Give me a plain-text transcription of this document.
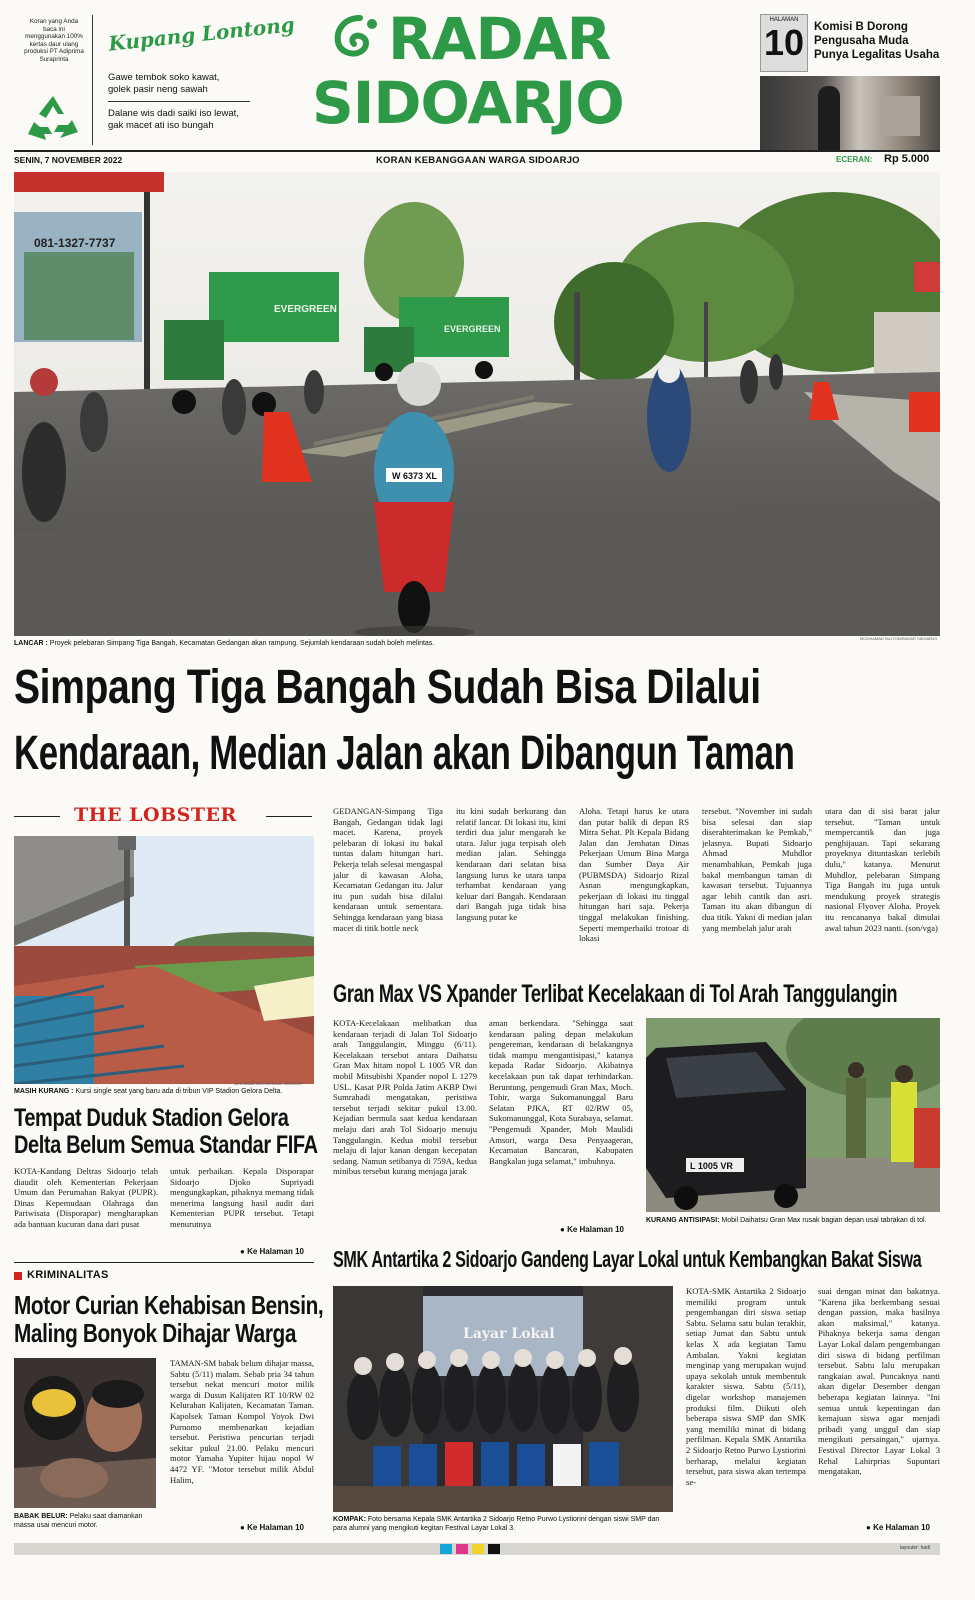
Koran yang Anda baca ini menggunakan 100% kertas daur ulang produksi PT Adiprima Suraprinta
Kupang Lontong
Gawe tembok soko kawat,
golek pasir neng sawah
Dalane wis dadi saiki iso lewat,
gak macet ati iso bungah
RADAR
SIDOARJO
HALAMAN
10 Komisi B Dorong Pengusaha Muda Punya Legalitas Usaha
SENIN, 7 NOVEMBER 2022	KORAN KEBANGGAAN WARGA SIDOARJO	ECERAN: Rp 5.000
081-1327-7737
EVERGREEN
EVERGREEN
W 6373 XL
LANCAR : Proyek pelebaran Simpang Tiga Bangah, Kecamatan Gedangan akan rampung. Sejumlah kendaraan sudah boleh melintas.
MOCHAMAD SULTON/RADAR SIDOARJO
Simpang Tiga Bangah Sudah Bisa Dilalui
Kendaraan, Median Jalan akan Dibangun Taman
THE LOBSTER
MASIH KURANG : Kursi single seat yang baru ada di tribun VIP Stadion Gelora Delta.
MOCHAMAD SULTON/RADAR SIDOARJO
Tempat Duduk Stadion Gelora
Delta Belum Semua Standar FIFA
KOTA-Kandang Deltras Sidoarjo telah diaudit oleh Kementerian Pekerjaan Umum dan Perumahan Rakyat (PUPR). Dinas Kepemudaan Olahraga dan Pariwisata (Disporapar) mengharapkan ada bantuan kucuran dana dari pusat
untuk perbaikan. Kepala Disporapar Sidoarjo Djoko Supriyadi mengungkapkan, pihaknya memang tidak menerima langsung hasil audit dari Kementerian PUPR tersebut. Tetapi menurutnya
● Ke Halaman 10
KRIMINALITAS
Motor Curian Kehabisan Bensin,
Maling Bonyok Dihajar Warga
BABAK BELUR: Pelaku saat diamankan massa usai mencuri motor.
TAMAN-SM babak belum dihajar massa, Sabtu (5/11) malam. Sebab pria 34 tahun tersebut nekat mencuri motor milik warga di Dusun Kalijaten RT 10/RW 02 Kelurahan Kalijaten, Kecamatan Taman. Kapolsek Taman Kompol Yoyok Dwi Purnomo membenarkan kejadian tersebut. Peristiwa pencurian terjadi sekitar pukul 21.00. Pelaku mencuri motor Yamaha Yupiter hijau nopol W 4472 YF. "Motor tersebut milik Abdul Halim,
● Ke Halaman 10
GEDANGAN-Simpang Tiga Bangah, Gedangan tidak lagi macet. Karena, proyek pelebaran di lokasi itu bakal tuntas dalam hitungan hari. Pekerja telah selesai mengaspal jalur di kawasan Aloha, Kecamatan Gedangan itu. Jalur itu pun sudah bisa dilalui kendaraan untuk sementara. Sehingga kendaraan yang biasa macet di titik bottle neck
itu kini sudah berkurang dan relatif lancar. Di lokasi itu, kini terdiri dua jalur mengarah ke utara. Jalur juga terpisah oleh median jalan. Sehingga kendaraan dari selatan bisa langsung lurus ke utara tanpa terhambat kendaraan yang keluar dari Bangah. Kendaraan dari Bangah juga tidak bisa langsung putar ke
Aloha. Tetapi harus ke utara dan putar balik di depan RS Mitra Sehat. Plt Kepala Bidang Jalan dan Jembatan Dinas Pekerjaan Umum Bina Marga dan Sumber Daya Air (PUBMSDA) Sidoarjo Rizal Asnan mengungkapkan, pekerjaan di lokasi itu tinggal hitungan hari saja. Pekerja tinggal melakukan finishing. Seperti memperbaiki trotoar di lokasi
tersebut. "November ini sudah bisa selesai dan siap diserahterimakan ke Pemkab," jelasnya. Bupati Sidoarjo Ahmad Muhdlor menambahkan, Pemkab juga bakal membangun taman di kawasan tersebut. Tujuannya agar lebih cantik dan asri. Taman itu akan dibangun di dua titik. Yakni di median jalan yang membelah jalur arah
utara dan di sisi barat jalur tersebut. "Taman untuk mempercantik dan juga penghijauan. Tapi sekarang proyeknya dituntaskan terlebih dulu," katanya. Menurut Muhdlor, pelebaran Simpang Tiga Bangah itu juga untuk mendukung proyek strategis nasional Flyover Aloha. Proyek itu rencananya bakal dimulai awal tahun 2023 nanti. (son/vga)
Gran Max VS Xpander Terlibat Kecelakaan di Tol Arah Tanggulangin
KOTA-Kecelakaan melibatkan dua kendaraan terjadi di Jalan Tol Sidoarjo arah Tanggulangin, Minggu (6/11). Kecelakaan tersebut antara Daihatsu Gran Max hitam nopol L 1005 VR dan mobil Mitsubishi Xpander nopol L 1279 USL. Kasat PJR Polda Jatim AKBP Dwi Sumrahadi mengatakan, peristiwa tersebut terjadi sekitar pukul 13.00. Kejadian bermula saat kedua kendaraan melaju dari arah Tol Sidoarjo menuju Tanggulangin. Kedua mobil tersebut melaju di lajur kanan dengan kecepatan sedang. Namun setibanya di 759A, kedua minibus tersebut kurang menjaga jarak
aman berkendara. "Sehingga saat kendaraan paling depan melakukan pengereman, kendaraan di belakangnya tidak mampu mengantisipasi," katanya kepada Radar Sidoarjo. Akibatnya kecelakaan pun tak dapat terhindarkan. Beruntung, pengemudi Gran Max, Moch. Tohir, warga Sukomanunggal Baru Selatan PJKA, RT 02/RW 05, Sukomanunggal, Kota Surabaya, selamat. "Pengemudi Xpander, Moh Maulidi Amsori, warga Desa Penyaageran, Kecamatan Bancaran, Kabupaten Bangkalan juga selamat," imbuhnya.
● Ke Halaman 10
L 1005 VR
KURANG ANTISIPASI: Mobil Daihatsu Gran Max rusak bagian depan usai tabrakan di tol.
SMK Antartika 2 Sidoarjo Gandeng Layar Lokal untuk Kembangkan Bakat Siswa
Layar Lokal
KOMPAK: Foto bersama Kepala SMK Antartika 2 Sidoarjo Retno Purwo Lystiorini dengan siswi SMP dan para alumni yang mengikuti kegitan Festival Layar Lokal 3.
KOTA-SMK Antartika 2 Sidoarjo memiliki program untuk pengembangan diri siswa setiap Sabtu. Selama satu bulan terakhir, setiap Jumat dan Sabtu untuk kelas X ada kegiatan Tamu Ambalan. Yakni kegiatan menginap yang merupakan wujud upaya sekolah untuk membentuk karakter siswa. Sabtu (5/11), digelar workshop manajemen produksi film. Diikuti oleh beberapa siswa SMP dan SMK yang memiliki minat di bidang perfilman. Kepala SMK Antartika 2 Sidoarjo Retno Purwo Lystiorini berharap, melalui kegiatan tersebut, para siswa akan tertempa se-
suai dengan minat dan bakatnya. "Karena jika berkembang sesuai dengan passion, maka hasilnya akan maksimal," katanya. Pihaknya bekerja sama dengan Layar Lokal dalam pengembangan diri siswa di bidang perfilman tersebut. Sabtu lalu merupakan rangkaian awal. Puncaknya nanti akan digelar Desember dengan beberapa kegiatan lainnya. "Ini semua untuk kepentingan dan kemajuan siswa agar menjadi pribadi yang unggul dan siap mengikuti persaingan," ujarnya. Festival Director Layar Lokal 3 Rehal Lahirprias Supuntari mengatakan,
● Ke Halaman 10
layouter: hadi
